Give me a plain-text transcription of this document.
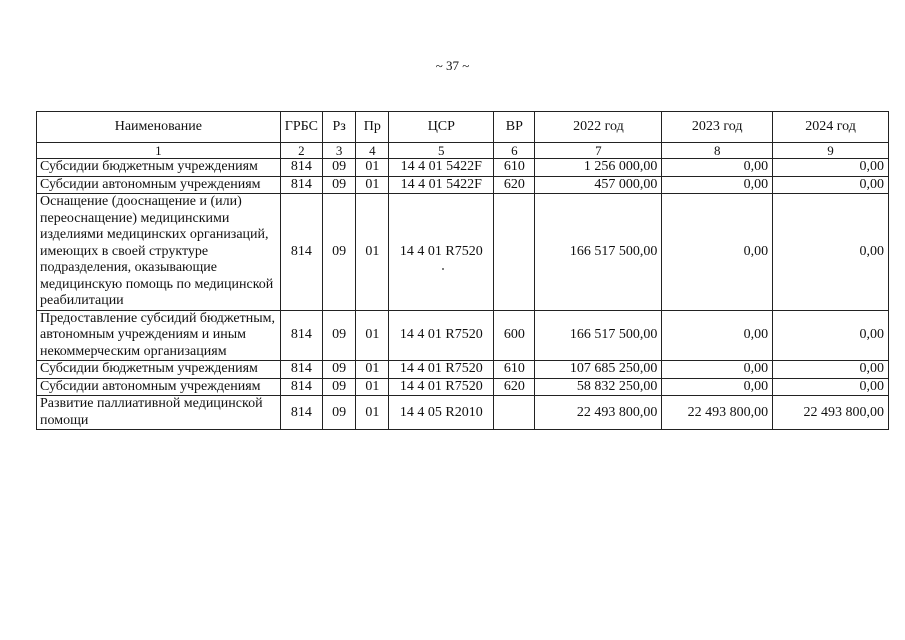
~ 37 ~
Наименование	ГРБС	Рз	Пр	ЦСР	ВР	2022 год	2023 год	2024 год
1	2	3	4	5	6	7	8	9
Субсидии бюджетным учреждениям	814	09	01	14 4 01 5422F	610	1 256 000,00	0,00	0,00
Субсидии автономным учреждениям	814	09	01	14 4 01 5422F	620	457 000,00	0,00	0,00
Оснащение (дооснащение и (или) переоснащение) медицинскими изделиями медицинских организаций, имеющих в своей структуре подразделения, оказывающие медицинскую помощь по медицинской реабилитации	814	09	01	14 4 01 R7520		166 517 500,00	0,00	0,00
Предоставление субсидий бюджетным, автономным учреждениям и иным некоммерческим организациям	814	09	01	14 4 01 R7520	600	166 517 500,00	0,00	0,00
Субсидии бюджетным учреждениям	814	09	01	14 4 01 R7520	610	107 685 250,00	0,00	0,00
Субсидии автономным учреждениям	814	09	01	14 4 01 R7520	620	58 832 250,00	0,00	0,00
Развитие паллиативной медицинской помощи	814	09	01	14 4 05 R2010		22 493 800,00	22 493 800,00	22 493 800,00
